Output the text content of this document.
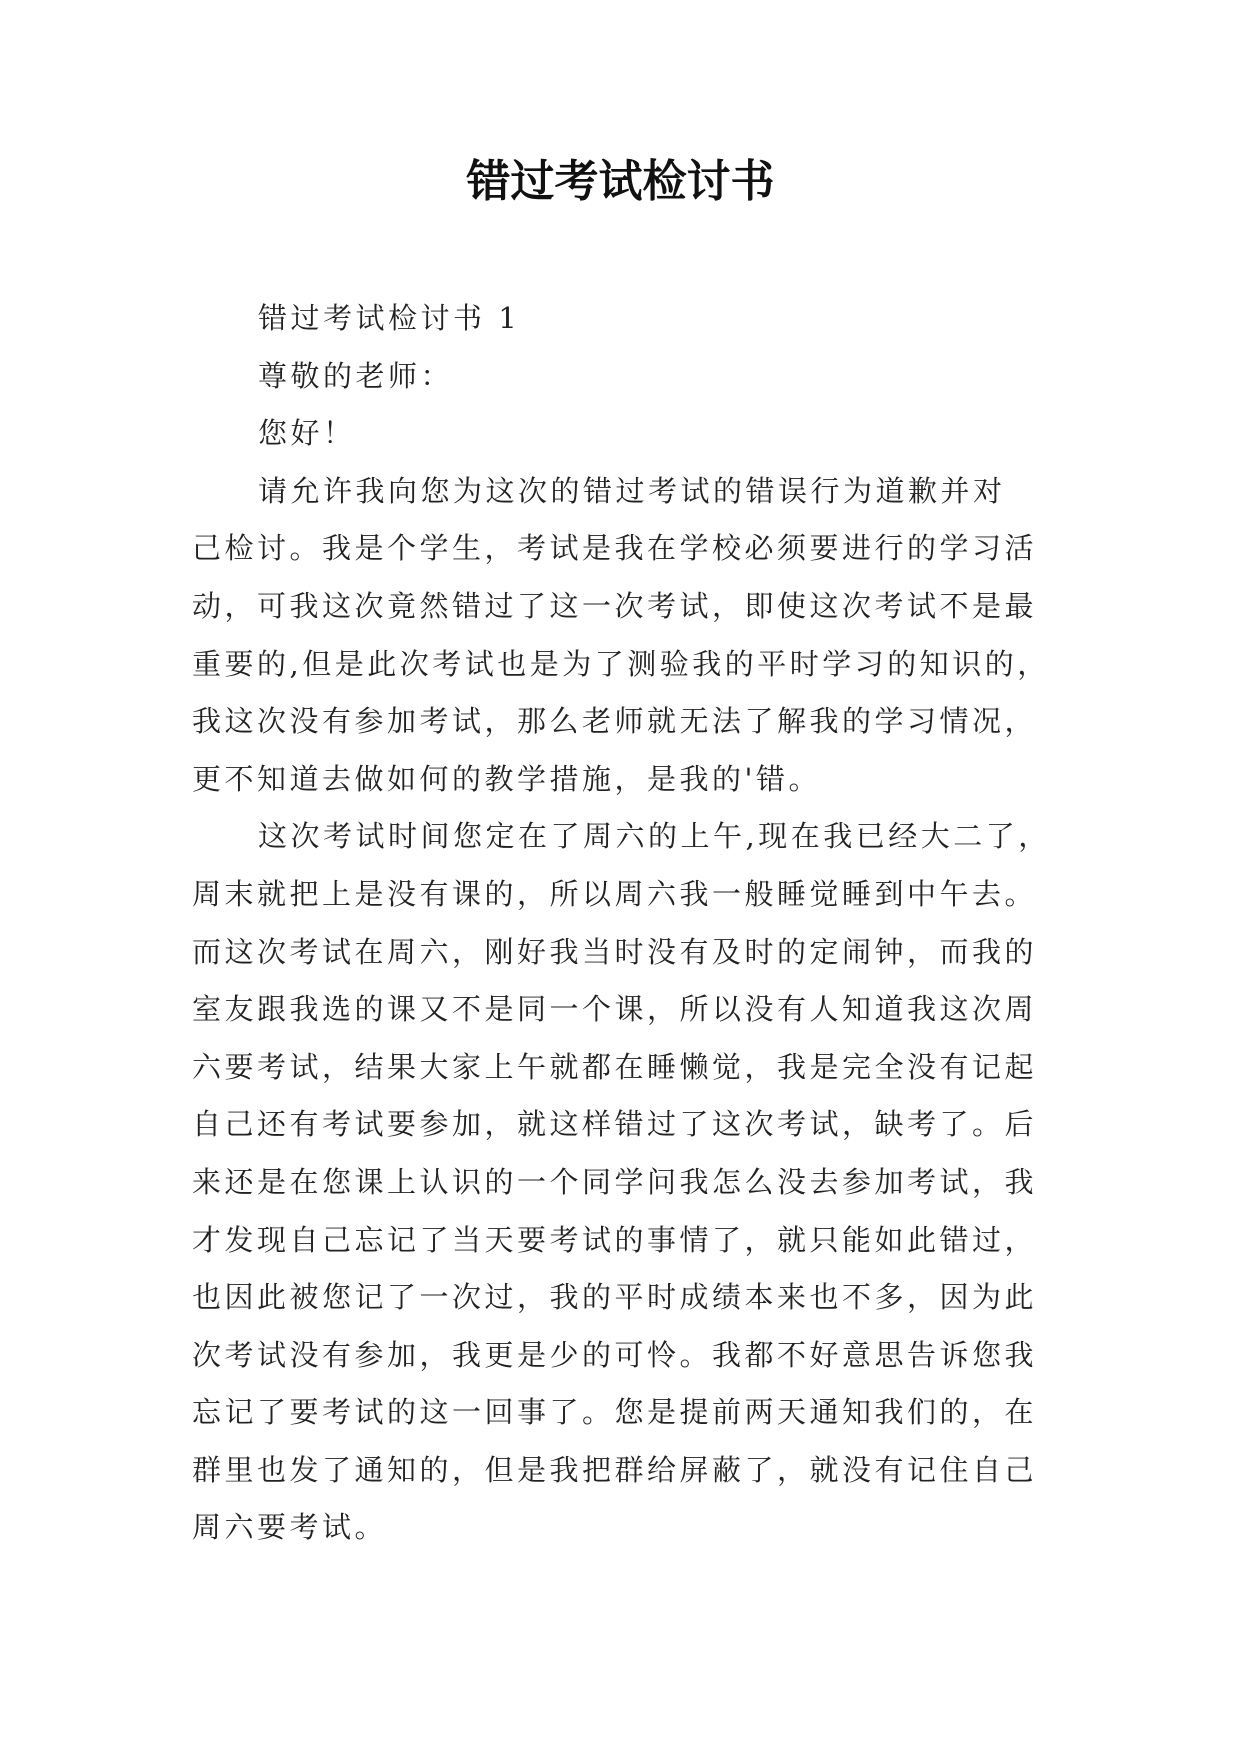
错过考试检讨书
错过考试检讨书 1
尊敬的老师：
您好！
请允许我向您为这次的错过考试的错误行为道歉并对
己检讨。我是个学生，考试是我在学校必须要进行的学习活
动，可我这次竟然错过了这一次考试，即使这次考试不是最
重要的,但是此次考试也是为了测验我的平时学习的知识的，
我这次没有参加考试，那么老师就无法了解我的学习情况，
更不知道去做如何的教学措施，是我的'错。
这次考试时间您定在了周六的上午,现在我已经大二了，
周末就把上是没有课的，所以周六我一般睡觉睡到中午去。
而这次考试在周六，刚好我当时没有及时的定闹钟，而我的
室友跟我选的课又不是同一个课，所以没有人知道我这次周
六要考试，结果大家上午就都在睡懒觉，我是完全没有记起
自己还有考试要参加，就这样错过了这次考试，缺考了。后
来还是在您课上认识的一个同学问我怎么没去参加考试，我
才发现自己忘记了当天要考试的事情了，就只能如此错过，
也因此被您记了一次过，我的平时成绩本来也不多，因为此
次考试没有参加，我更是少的可怜。我都不好意思告诉您我
忘记了要考试的这一回事了。您是提前两天通知我们的，在
群里也发了通知的，但是我把群给屏蔽了，就没有记住自己
周六要考试。
